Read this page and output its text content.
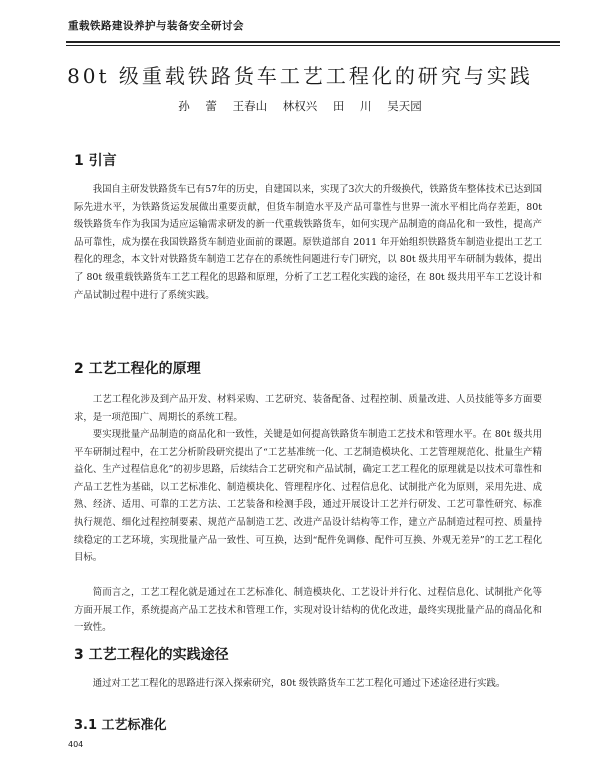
重载铁路建设养护与装备安全研讨会
80t 级重载铁路货车工艺工程化的研究与实践
孙 蕾 王春山 林权兴 田 川 吴天园
1 引言

我国自主研发铁路货车已有57年的历史，自建国以来，实现了3次大的升级换代，铁路货车整体技术已达到国际先进水平，为铁路货运发展做出重要贡献，但货车制造水平及产品可靠性与世界一流水平相比尚存差距，80t 级铁路货车作为我国为适应运输需求研发的新一代重载铁路货车，如何实现产品制造的商品化和一致性，提高产品可靠性，成为摆在我国铁路货车制造业面前的课题。原铁道部自 2011 年开始组织铁路货车制造业提出工艺工程化的理念，本文针对铁路货车制造工艺存在的系统性问题进行专门研究，以 80t 级共用平车研制为载体，提出了 80t 级重载铁路货车工艺工程化的思路和原理，分析了工艺工程化实践的途径，在 80t 级共用平车工艺设计和产品试制过程中进行了系统实践。

2 工艺工程化的原理

工艺工程化涉及到产品开发、材料采购、工艺研究、装备配备、过程控制、质量改进、人员技能等多方面要求，是一项范围广、周期长的系统工程。

要实现批量产品制造的商品化和一致性，关键是如何提高铁路货车制造工艺技术和管理水平。在 80t 级共用平车研制过程中，在工艺分析阶段研究提出了“工艺基准统一化、工艺制造模块化、工艺管理规范化、批量生产精益化、生产过程信息化”的初步思路，后续结合工艺研究和产品试制，确定工艺工程化的原理就是以技术可靠性和产品工艺性为基础，以工艺标准化、制造模块化、管理程序化、过程信息化、试制批产化为原则，采用先进、成熟、经济、适用、可靠的工艺方法、工艺装备和检测手段，通过开展设计工艺并行研发、工艺可靠性研究、标准执行规范、细化过程控制要素、规范产品制造工艺、改进产品设计结构等工作，建立产品制造过程可控、质量持续稳定的工艺环境，实现批量产品一致性、可互换，达到“配件免调修、配件可互换、外观无差异”的工艺工程化目标。

简而言之，工艺工程化就是通过在工艺标准化、制造模块化、工艺设计并行化、过程信息化、试制批产化等方面开展工作，系统提高产品工艺技术和管理工作，实现对设计结构的优化改进，最终实现批量产品的商品化和一致性。

3 工艺工程化的实践途径

通过对工艺工程化的思路进行深入探索研究，80t 级铁路货车工艺工程化可通过下述途径进行实践。

3.1 工艺标准化
404
